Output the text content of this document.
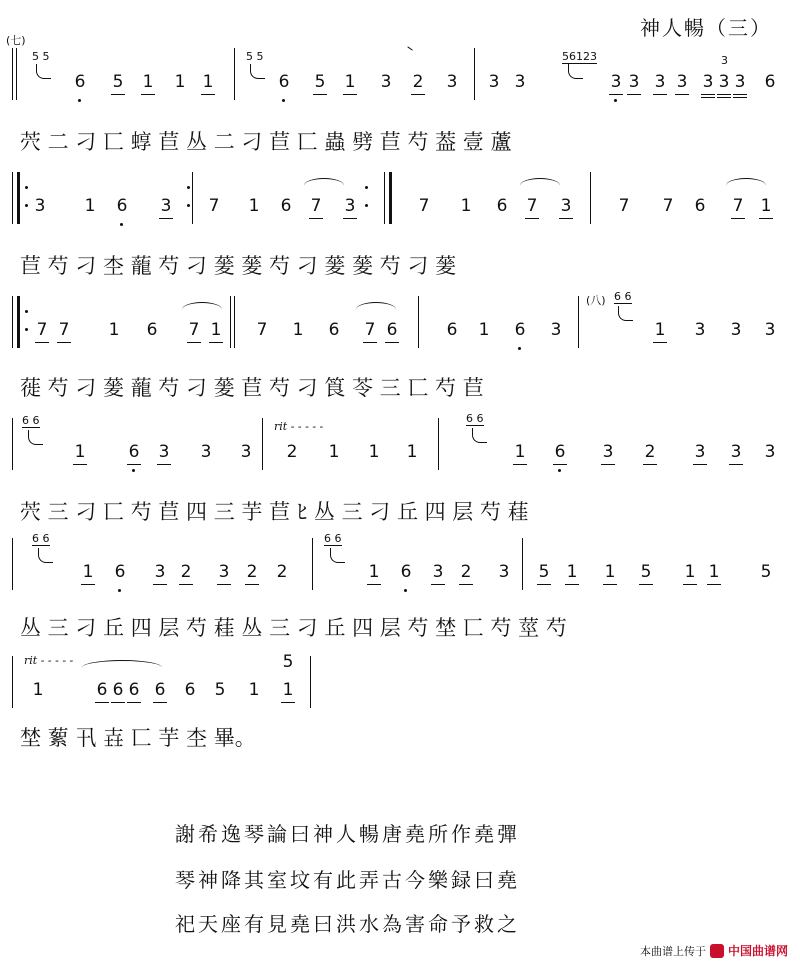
神人暢（三）
(七)
5 5
6 5 1 1 1
5 5
6 5 1 3 2 3 3 3
56123
3 3 3 3
3
3 3 3 6
茓 二 刁 匸 蜳 苣 丛 二 刁 苣 匸 蟲 劈 苣 芍 葢 壹 蘆
3 1 6 3 7 1 6 7 3	7 1 6 7 3	7 7 6 7 1
苣 芍 刁 杢 蘢 芍 刁 蓌 蓌 芍 刁 蓌 蓌 芍 刁 蓌
7 7 1 6 7 1 7 1 6 7 6	6 1 6 3
(八) 6 6
1 3 3 3
蓰 芍 刁 蓌 蘢 芍 刁 蓌 苣 芍 刁 筤 苓 三 匸 芍 苣
6 6
1	6 3 3 3
rit - - - - -
2 1 1 1
6 6
1 6 3 2 3 3 3
茓 三 刁 匸 芍 苣 四 三 芋 苣 ﾋ 丛 三 刁 丘 四 层 芍 蓕
6 6
1 6 3 2 3 2 2
6 6
1 6 3 2 3 5 1 1 5 1 1 5
丛 三 刁 丘 四 层 芍 蓕 丛 三 刁 丘 四 层 芍 埜 匸 芍 莖 芍
rit - - - - -
1	6 6 6 6 6 5 1
5
1
埜 蕠 卂 壵 匸 芋 杢 畢。
謝希逸琴論曰神人暢唐堯所作堯彈
琴神降其室坟有此弄古今樂録曰堯
祀天座有見堯曰洪水為害命予救之
本曲谱上传于 中国曲谱网
